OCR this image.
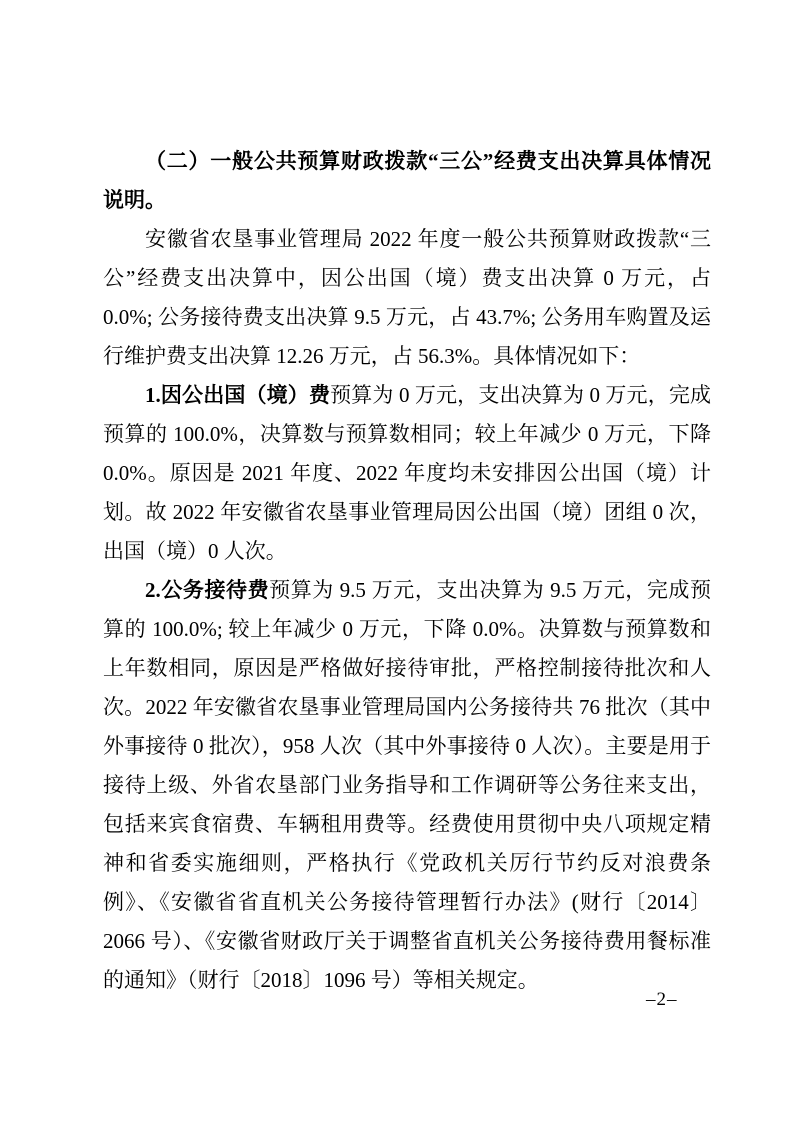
（二）一般公共预算财政拨款“三公”经费支出决算具体情况说明。

安徽省农垦事业管理局 2022 年度一般公共预算财政拨款“三公”经费支出决算中，因公出国（境）费支出决算 0 万元，占 0.0%; 公务接待费支出决算 9.5 万元，占 43.7%; 公务用车购置及运行维护费支出决算 12.26 万元，占 56.3%。具体情况如下：

1.因公出国（境）费预算为 0 万元，支出决算为 0 万元，完成预算的 100.0%，决算数与预算数相同；较上年减少 0 万元，下降 0.0%。原因是 2021 年度、2022 年度均未安排因公出国（境）计划。故 2022 年安徽省农垦事业管理局因公出国（境）团组 0 次，出国（境）0 人次。

2.公务接待费预算为 9.5 万元，支出决算为 9.5 万元，完成预算的 100.0%; 较上年减少 0 万元，下降 0.0%。决算数与预算数和上年数相同，原因是严格做好接待审批，严格控制接待批次和人次。2022 年安徽省农垦事业管理局国内公务接待共 76 批次（其中外事接待 0 批次），958 人次（其中外事接待 0 人次）。主要是用于接待上级、外省农垦部门业务指导和工作调研等公务往来支出，包括来宾食宿费、车辆租用费等。经费使用贯彻中央八项规定精神和省委实施细则，严格执行《党政机关厉行节约反对浪费条例》、《安徽省省直机关公务接待管理暂行办法》(财行〔2014〕2066 号）、《安徽省财政厅关于调整省直机关公务接待费用餐标准的通知》（财行〔2018〕1096 号）等相关规定。

–2–
